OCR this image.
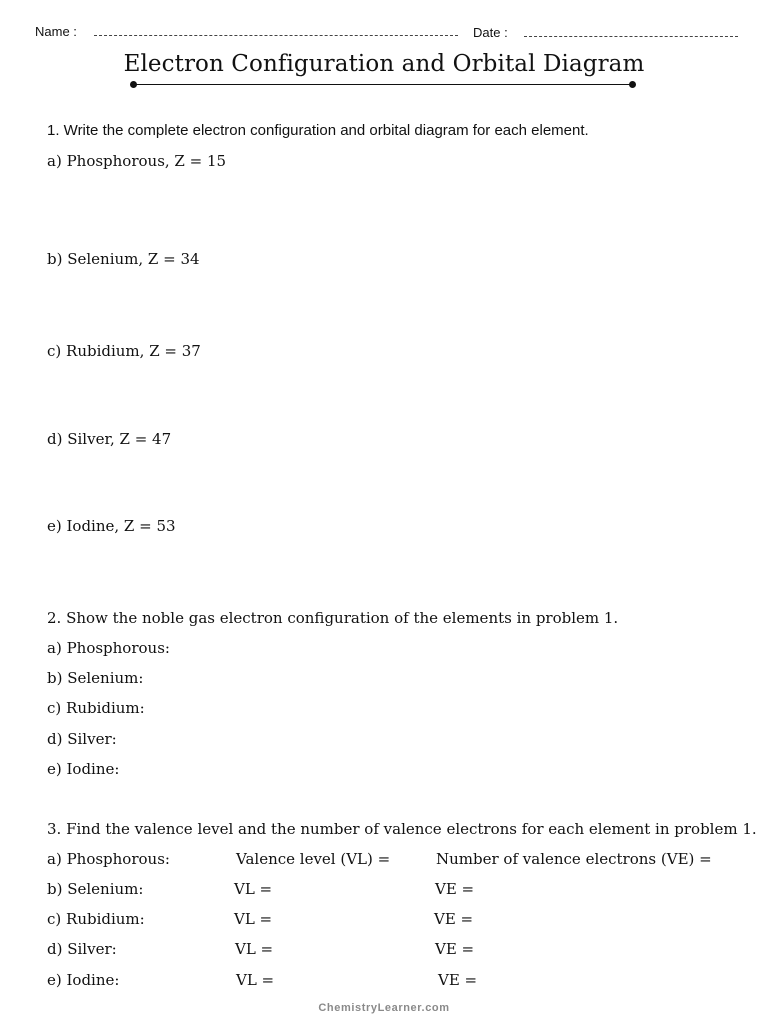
Name :	Date :
Electron Configuration and Orbital Diagram
1. Write the complete electron configuration and orbital diagram for each element.
a) Phosphorous, Z = 15
b) Selenium, Z = 34
c) Rubidium, Z = 37
d) Silver, Z = 47
e) Iodine, Z = 53
2. Show the noble gas electron configuration of the elements in problem 1.
a) Phosphorous:
b) Selenium:
c) Rubidium:
d) Silver:
e) Iodine:
3. Find the valence level and the number of valence electrons for each element in problem 1.
a) Phosphorous:	Valence level (VL) =	Number of valence electrons (VE) =
b) Selenium:	VL =	VE =
c) Rubidium:	VL =	VE =
d) Silver:	VL =	VE =
e) Iodine:	VL =	VE =
ChemistryLearner.com
